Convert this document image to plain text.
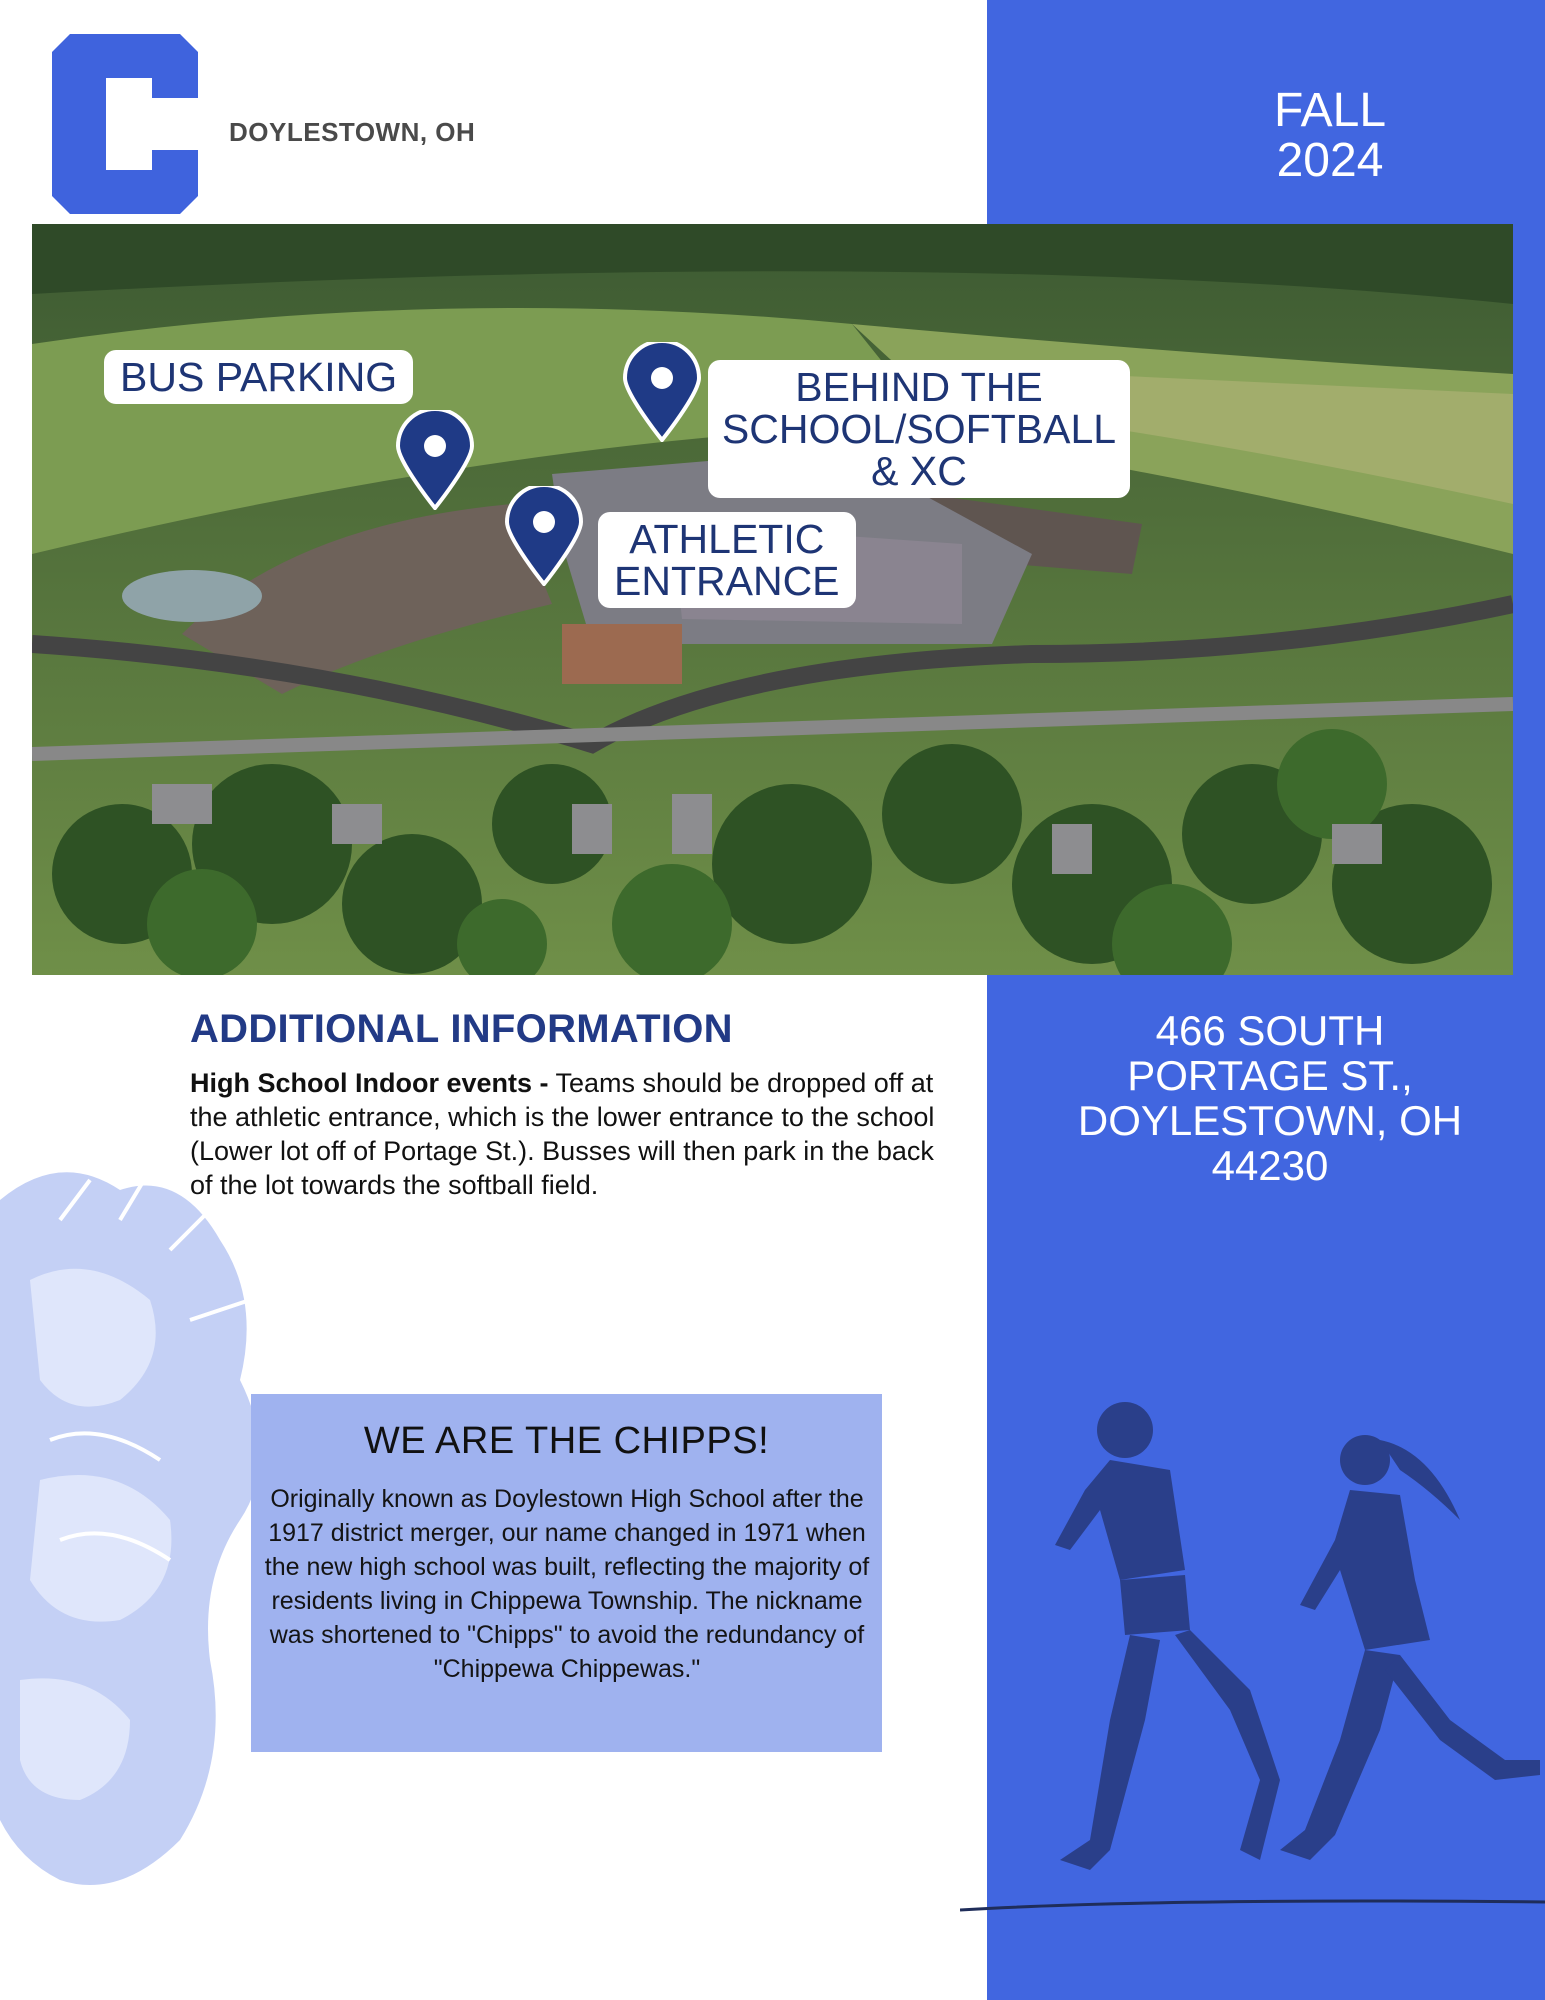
DOYLESTOWN, OH	FALL
2024
BUS PARKING	BEHIND THE
SCHOOL/SOFTBALL
& XC
ATHLETIC
ENTRANCE
ADDITIONAL INFORMATION
High School Indoor events - Teams should be dropped off at the athletic entrance, which is the lower entrance to the school (Lower lot off of Portage St.). Busses will then park in the back of the lot towards the softball field.
466 SOUTH PORTAGE ST., DOYLESTOWN, OH 44230
WE ARE THE CHIPPS!
Originally known as Doylestown High School after the 1917 district merger, our name changed in 1971 when the new high school was built, reflecting the majority of residents living in Chippewa Township. The nickname was shortened to "Chipps" to avoid the redundancy of "Chippewa Chippewas."
